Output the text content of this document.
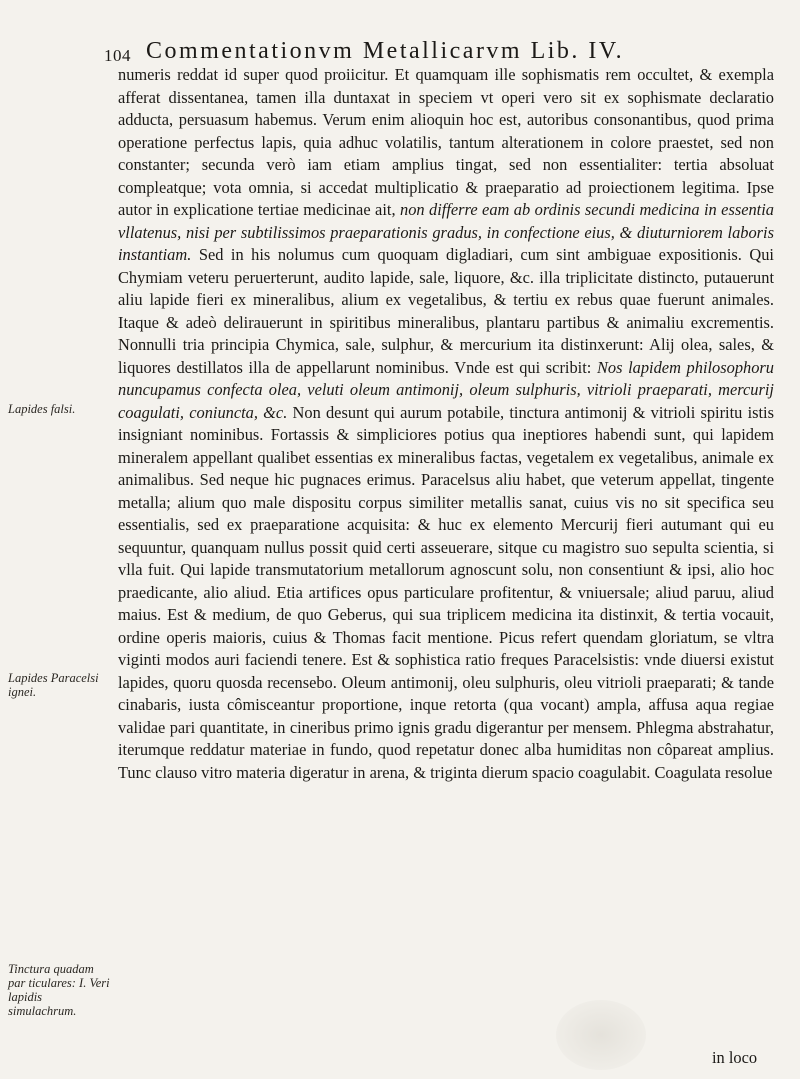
104 Commentationvm Metallicarvm Lib. IV.
Lapides falsi.
Lapides Paracelsi ignei.
Tinctura quadam par ticulares: I. Veri lapidis simulachrum.

numeris reddat id super quod proiicitur. Et quamquam ille sophismatis rem occultet, & exempla afferat dissentanea, tamen illa duntaxat in speciem vt operi vero sit ex sophismate declaratio adducta, persuasum habemus. Verum enim alioquin hoc est, autoribus consonantibus, quod prima operatione perfectus lapis, quia adhuc volatilis, tantum alterationem in colore praestet, sed non constanter; secunda verò iam etiam amplius tingat, sed non essentialiter: tertia absoluat compleatque; vota omnia, si accedat multiplicatio & praeparatio ad proiectionem legitima. Ipse autor in explicatione tertiae medicinae ait, non differre eam ab ordinis secundi medicina in essentia vllatenus, nisi per subtilissimos praeparationis gradus, in confectione eius, & diuturniorem laboris instantiam. Sed in his nolumus cum quoquam digladiari, cum sint ambiguae expositionis. Qui Chymiam veteru peruerterunt, audito lapide, sale, liquore, &c. illa triplicitate distincto, putauerunt aliu lapide fieri ex mineralibus, alium ex vegetalibus, & tertiu ex rebus quae fuerunt animales. Itaque & adeò delirauerunt in spiritibus mineralibus, plantaru partibus & animaliu excrementis. Nonnulli tria principia Chymica, sale, sulphur, & mercurium ita distinxerunt: Alij olea, sales, & liquores destillatos illa de appellarunt nominibus. Vnde est qui scribit: Nos lapidem philosophoru nuncupamus confecta olea, veluti oleum antimonij, oleum sulphuris, vitrioli praeparati, mercurij coagulati, coniuncta, &c. Non desunt qui aurum potabile, tinctura antimonij & vitrioli spiritu istis insigniant nominibus. Fortassis & simpliciores potius qua ineptiores habendi sunt, qui lapidem mineralem appellant qualibet essentias ex mineralibus factas, vegetalem ex vegetalibus, animale ex animalibus. Sed neque hic pugnaces erimus. Paracelsus aliu habet, que veterum appellat, tingente metalla; alium quo male dispositu corpus similiter metallis sanat, cuius vis no sit specifica seu essentialis, sed ex praeparatione acquisita: & huc ex elemento Mercurij fieri autumant qui eu sequuntur, quanquam nullus possit quid certi asseuerare, sitque cu magistro suo sepulta scientia, si vlla fuit. Qui lapide transmutatorium metallorum agnoscunt solu, non consentiunt & ipsi, alio hoc praedicante, alio aliud. Etia artifices opus particulare profitentur, & vniuersale; aliud paruu, aliud maius. Est & medium, de quo Geberus, qui sua triplicem medicina ita distinxit, & tertia vocauit, ordine operis maioris, cuius & Thomas facit mentione. Picus refert quendam gloriatum, se vltra viginti modos auri faciendi tenere. Est & sophistica ratio freques Paracelsistis: vnde diuersi existut lapides, quoru quosda recensebo. Oleum antimonij, oleu sulphuris, oleu vitrioli praeparati; & tande cinabaris, iusta cômisceantur proportione, inque retorta (qua vocant) ampla, affusa aqua regiae validae pari quantitate, in cineribus primo ignis gradu digerantur per mensem. Phlegma abstrahatur, iterumque reddatur materiae in fundo, quod repetatur donec alba humiditas non côpareat amplius. Tunc clauso vitro materia digeratur in arena, & triginta dierum spacio coagulabit. Coagulata resolue

in loco
